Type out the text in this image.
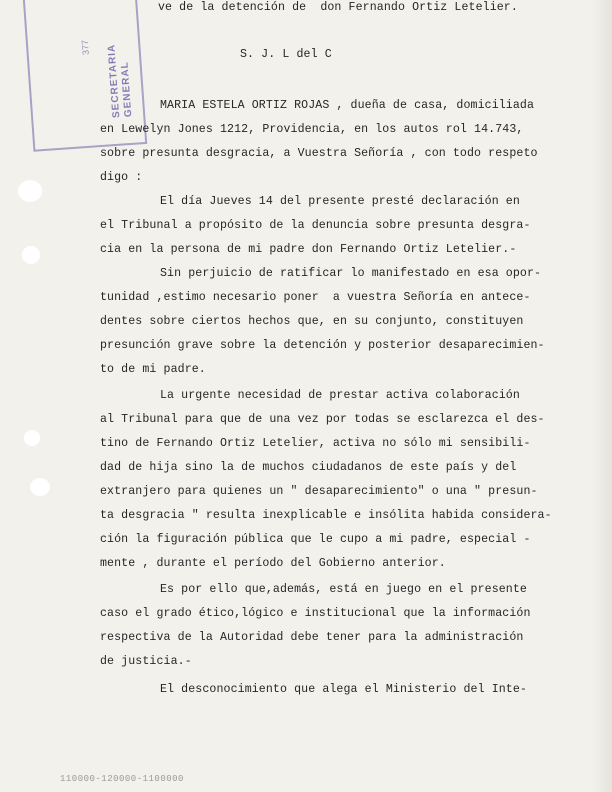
377	SECRETARIA GENERAL
ve de la detención de  don Fernando Ortiz Letelier.
S. J. L del C
MARIA ESTELA ORTIZ ROJAS , dueña de casa, domiciliada
en Lewelyn Jones 1212, Providencia, en los autos rol 14.743,
sobre presunta desgracia, a Vuestra Señoría , con todo respeto
digo :
El día Jueves 14 del presente presté declaración en
el Tribunal a propósito de la denuncia sobre presunta desgra-
cia en la persona de mi padre don Fernando Ortiz Letelier.-
Sin perjuicio de ratificar lo manifestado en esa opor-
tunidad ,estimo necesario poner  a vuestra Señoría en antece-
dentes sobre ciertos hechos que, en su conjunto, constituyen
presunción grave sobre la detención y posterior desaparecimien-
to de mi padre.
La urgente necesidad de prestar activa colaboración
al Tribunal para que de una vez por todas se esclarezca el des-
tino de Fernando Ortiz Letelier, activa no sólo mi sensibili-
dad de hija sino la de muchos ciudadanos de este país y del
extranjero para quienes un " desaparecimiento" o una " presun-
ta desgracia " resulta inexplicable e insólita habida considera-
ción la figuración pública que le cupo a mi padre, especial -
mente , durante el período del Gobierno anterior.
Es por ello que,además, está en juego en el presente
caso el grado ético,lógico e institucional que la información
respectiva de la Autoridad debe tener para la administración
de justicia.-
El desconocimiento que alega el Ministerio del Inte-
110000-120000-1100000
